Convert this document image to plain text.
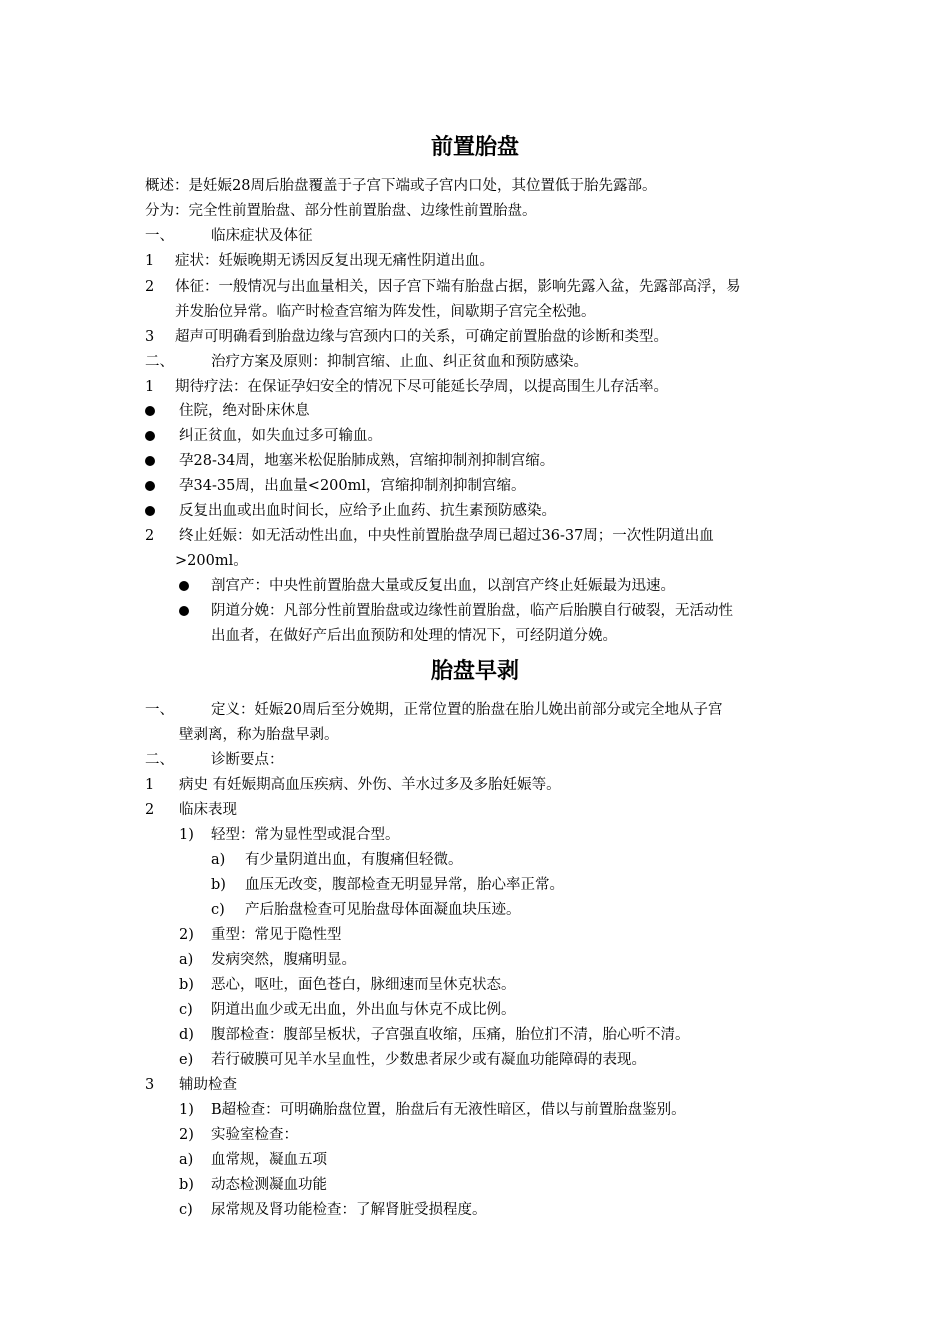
前置胎盘
概述：是妊娠28周后胎盘覆盖于子宫下端或子宫内口处，其位置低于胎先露部。
分为：完全性前置胎盘、部分性前置胎盘、边缘性前置胎盘。
一、	临床症状及体征
1 症状：妊娠晚期无诱因反复出现无痛性阴道出血。
2 体征：一般情况与出血量相关，因子宫下端有胎盘占据，影响先露入盆，先露部高浮，易
并发胎位异常。临产时检查宫缩为阵发性，间歇期子宫完全松弛。
3 超声可明确看到胎盘边缘与宫颈内口的关系，可确定前置胎盘的诊断和类型。
二、	治疗方案及原则：抑制宫缩、止血、纠正贫血和预防感染。
1 期待疗法：在保证孕妇安全的情况下尽可能延长孕周，以提高围生儿存活率。
住院，绝对卧床休息
纠正贫血，如失血过多可输血。
孕28-34周，地塞米松促胎肺成熟，宫缩抑制剂抑制宫缩。
孕34-35周，出血量<200ml，宫缩抑制剂抑制宫缩。
反复出血或出血时间长，应给予止血药、抗生素预防感染。
2 终止妊娠：如无活动性出血，中央性前置胎盘孕周已超过36-37周；一次性阴道出血
>200ml。
剖宫产：中央性前置胎盘大量或反复出血，以剖宫产终止妊娠最为迅速。
阴道分娩：凡部分性前置胎盘或边缘性前置胎盘，临产后胎膜自行破裂，无活动性
出血者，在做好产后出血预防和处理的情况下，可经阴道分娩。
胎盘早剥
一、	定义：妊娠20周后至分娩期，正常位置的胎盘在胎儿娩出前部分或完全地从子宫
壁剥离，称为胎盘早剥。
二、	诊断要点：
1 病史 有妊娠期高血压疾病、外伤、羊水过多及多胎妊娠等。
2 临床表现
1) 轻型：常为显性型或混合型。
a) 有少量阴道出血，有腹痛但轻微。
b) 血压无改变，腹部检查无明显异常，胎心率正常。
c) 产后胎盘检查可见胎盘母体面凝血块压迹。
2) 重型：常见于隐性型
a) 发病突然，腹痛明显。
b) 恶心，呕吐，面色苍白，脉细速而呈休克状态。
c) 阴道出血少或无出血，外出血与休克不成比例。
d) 腹部检查：腹部呈板状，子宫强直收缩，压痛，胎位扪不清，胎心听不清。
e) 若行破膜可见羊水呈血性，少数患者尿少或有凝血功能障碍的表现。
3 辅助检查
1) B超检查：可明确胎盘位置，胎盘后有无液性暗区，借以与前置胎盘鉴别。
2) 实验室检查：
a) 血常规，凝血五项
b) 动态检测凝血功能
c) 尿常规及肾功能检查：了解肾脏受损程度。
